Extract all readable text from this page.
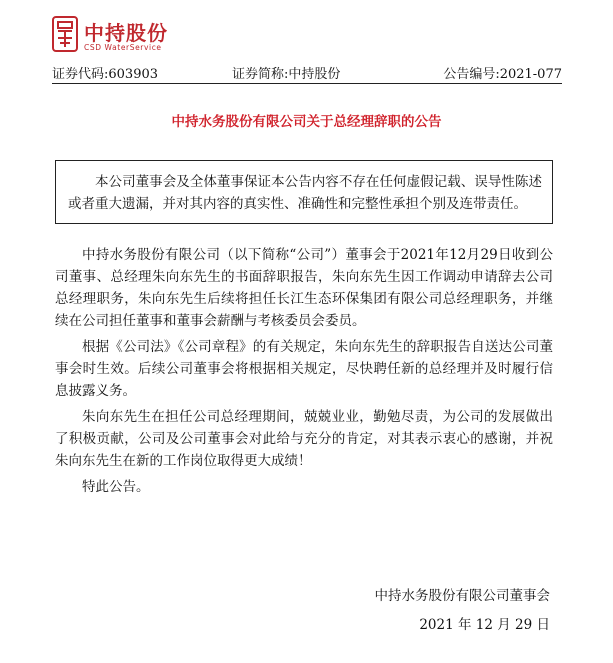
中持股份
CSD WaterService
证券代码:603903	证券简称:中持股份	公告编号:2021-077
中持水务股份有限公司关于总经理辞职的公告
本公司董事会及全体董事保证本公告内容不存在任何虚假记载、误导性陈述或者重大遗漏，并对其内容的真实性、准确性和完整性承担个别及连带责任。

中持水务股份有限公司（以下简称“公司”）董事会于2021年12月29日收到公司董事、总经理朱向东先生的书面辞职报告，朱向东先生因工作调动申请辞去公司总经理职务，朱向东先生后续将担任长江生态环保集团有限公司总经理职务，并继续在公司担任董事和董事会薪酬与考核委员会委员。

根据《公司法》《公司章程》的有关规定，朱向东先生的辞职报告自送达公司董事会时生效。后续公司董事会将根据相关规定，尽快聘任新的总经理并及时履行信息披露义务。

朱向东先生在担任公司总经理期间，兢兢业业，勤勉尽责，为公司的发展做出了积极贡献，公司及公司董事会对此给与充分的肯定，对其表示衷心的感谢，并祝朱向东先生在新的工作岗位取得更大成绩！

特此公告。

中持水务股份有限公司董事会
2021 年 12 月 29 日
